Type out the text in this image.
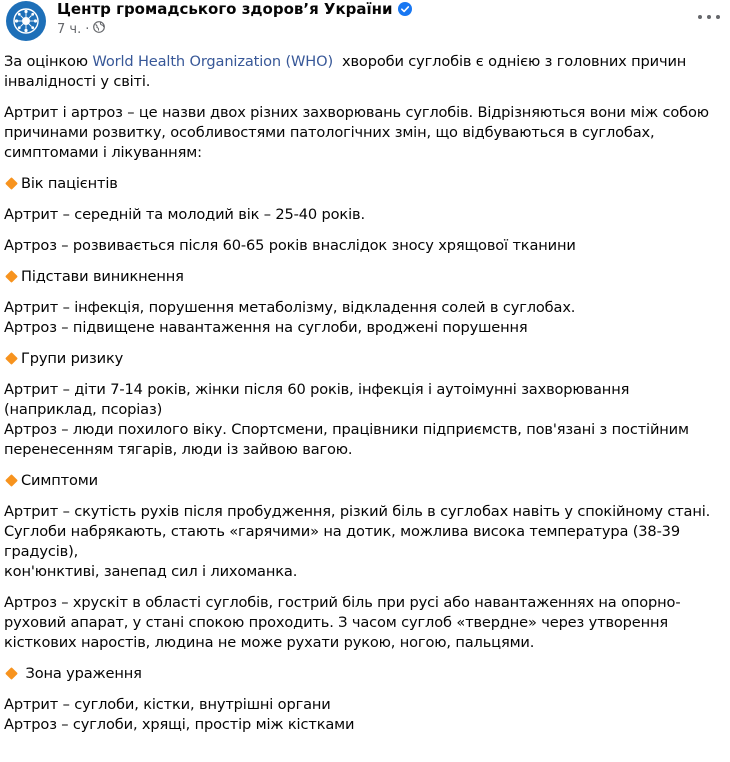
Центр громадського здоров’я України
7 ч. ·

За оцінкою World Health Organization (WHO)  хвороби суглобів є однією з головних причин

інвалідності у світі.

Артрит і артроз – це назви двох різних захворювань суглобів. Відрізняються вони між собою

причинами розвитку, особливостями патологічних змін, що відбуваються в суглобах,

симптомами і лікуванням:

Вік пацієнтів

Артрит – середній та молодий вік – 25-40 років.

Артроз – розвивається після 60-65 років внаслідок зносу хрящової тканини

Підстави виникнення

Артрит – інфекція, порушення метаболізму, відкладення солей в суглобах.

Артроз – підвищене навантаження на суглоби, вроджені порушення

Групи ризику

Артрит – діти 7-14 років, жінки після 60 років, інфекція і аутоімунні захворювання

(наприклад, псоріаз)

Артроз – люди похилого віку. Спортсмени, працівники підприємств, пов'язані з постійним

перенесенням тягарів, люди із зайвою вагою.

Симптоми

Артрит – скутість рухів після пробудження, різкий біль в суглобах навіть у спокійному стані.

Суглоби набрякають, стають «гарячими» на дотик, можлива висока температура (38-39

градусів),

кон'юнктиві, занепад сил і лихоманка.

Артроз – хрускіт в області суглобів, гострий біль при русі або навантаженнях на опорно-

руховий апарат, у стані спокою проходить. З часом суглоб «твердне» через утворення

кісткових наростів, людина не може рухати рукою, ногою, пальцями.

Зона ураження

Артрит – суглоби, кістки, внутрішні органи

Артроз – суглоби, хрящі, простір між кістками
